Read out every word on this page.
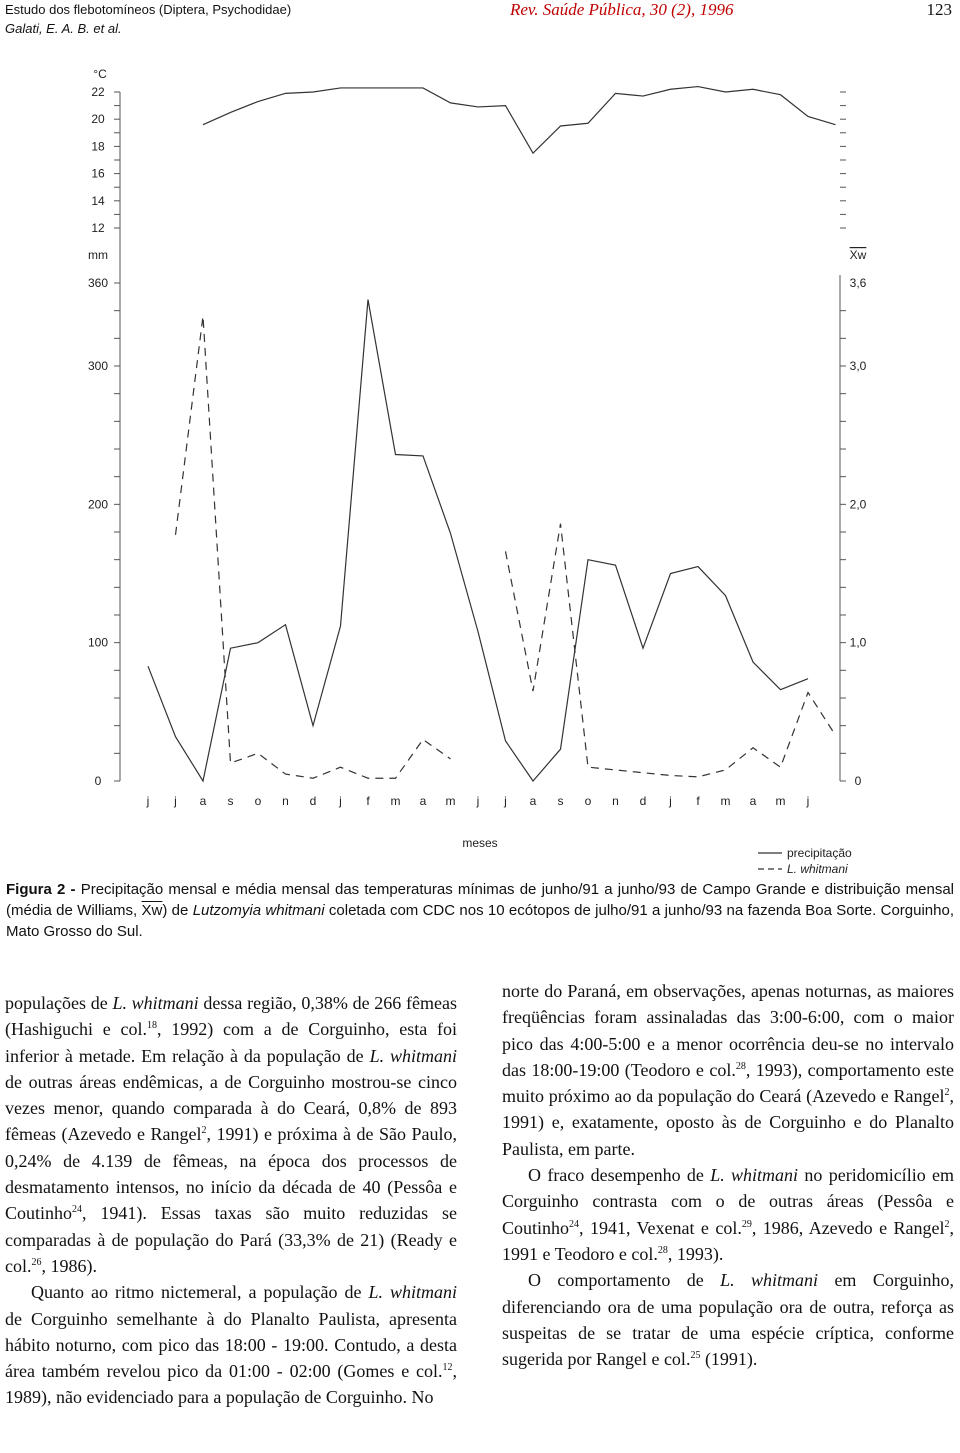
Estudo dos flebotomíneos (Diptera, Psychodidae)
Galati, E. A. B. et al.
Rev. Saúde Pública, 30 (2), 1996	123
°C
22
20
18
16
14
12
mm
360
300
200
100
0
Xw
3,6
3,0
2,0
1,0
0
j j a s o n d j f m a m j j a s o n d j f m a m j
meses
precipitação
L. whitmani
Figura 2 - Precipitação mensal e média mensal das temperaturas mínimas de junho/91 a junho/93 de Campo Grande e distribuição mensal (média de Williams, $\overline{Xw}$) de Lutzomyia whitmani coletada com CDC nos 10 ecótopos de julho/91 a junho/93 na fazenda Boa Sorte. Corguinho, Mato Grosso do Sul.

populações de L. whitmani dessa região, 0,38% de 266 fêmeas (Hashiguchi e col.$^{18}$, 1992) com a de Corguinho, esta foi inferior à metade. Em relação à da população de L. whitmani de outras áreas endêmicas, a de Corguinho mostrou-se cinco vezes menor, quando comparada à do Ceará, 0,8% de 893 fêmeas (Azevedo e Rangel$^2$, 1991) e próxima à de São Paulo, 0,24% de 4.139 de fêmeas, na época dos processos de desmatamento intensos, no início da década de 40 (Pessôa e Coutinho$^{24}$, 1941). Essas taxas são muito reduzidas se comparadas à de população do Pará (33,3% de 21) (Ready e col.$^{26}$, 1986).

Quanto ao ritmo nictemeral, a população de L. whitmani de Corguinho semelhante à do Planalto Paulista, apresenta hábito noturno, com pico das 18:00 - 19:00. Contudo, a desta área também revelou pico da 01:00 - 02:00 (Gomes e col.$^{12}$, 1989), não evidenciado para a população de Corguinho. No

norte do Paraná, em observações, apenas noturnas, as maiores freqüências foram assinaladas das 3:00-6:00, com o maior pico das 4:00-5:00 e a menor ocorrência deu-se no intervalo das 18:00-19:00 (Teodoro e col.$^{28}$, 1993), comportamento este muito próximo ao da população do Ceará (Azevedo e Rangel$^2$, 1991) e, exatamente, oposto às de Corguinho e do Planalto Paulista, em parte.

O fraco desempenho de L. whitmani no peridomicílio em Corguinho contrasta com o de outras áreas (Pessôa e Coutinho$^{24}$, 1941, Vexenat e col.$^{29}$, 1986, Azevedo e Rangel$^2$, 1991 e Teodoro e col.$^{28}$, 1993).

O comportamento de L. whitmani em Corguinho, diferenciando ora de uma população ora de outra, reforça as suspeitas de se tratar de uma espécie críptica, conforme sugerida por Rangel e col.$^{25}$ (1991).
